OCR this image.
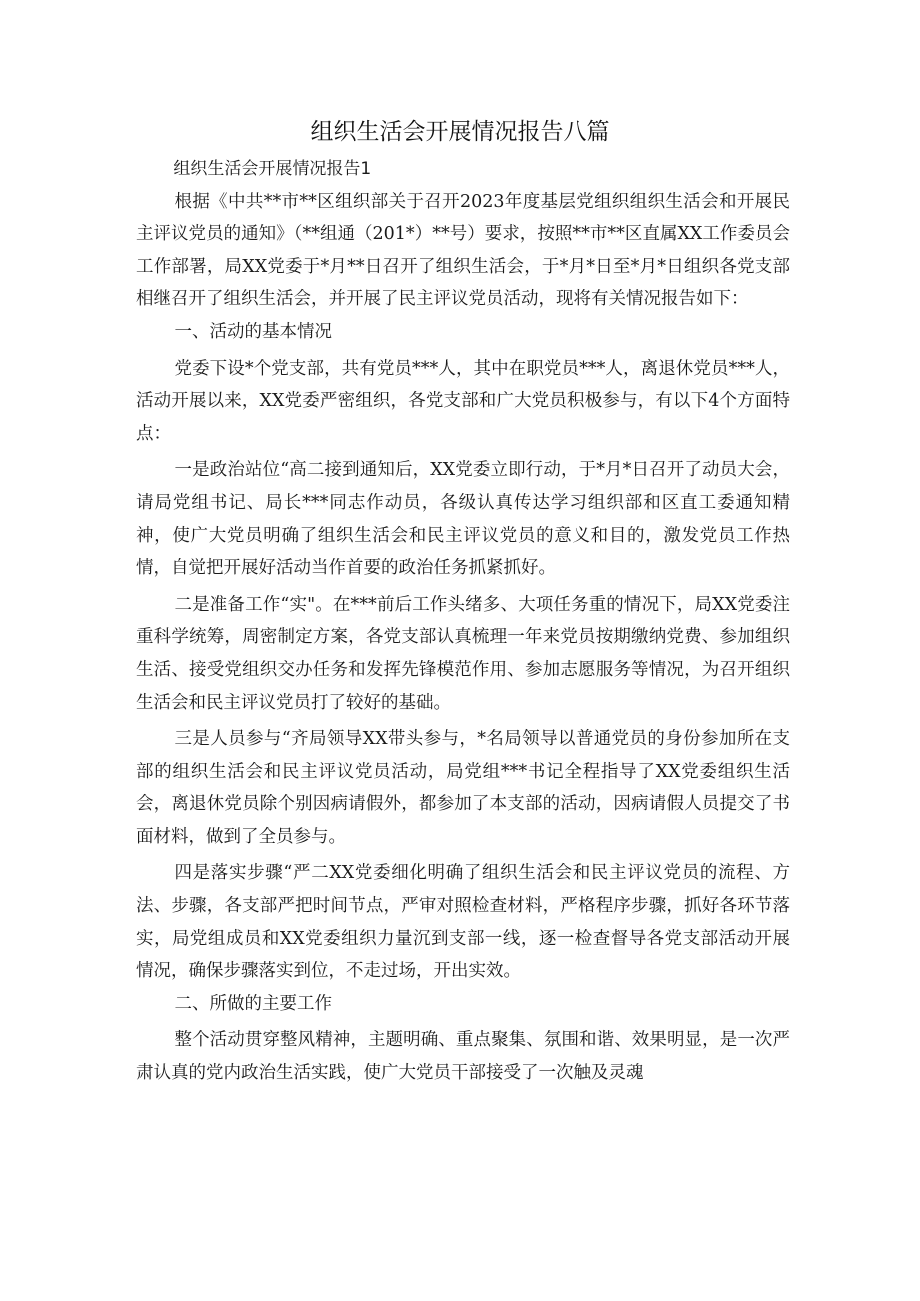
组织生活会开展情况报告八篇

组织生活会开展情况报告1

根据《中共**市**区组织部关于召开2023年度基层党组织组织生活会和开展民主评议党员的通知》（**组通（201*）**号）要求，按照**市**区直属XX工作委员会工作部署，局XX党委于*月**日召开了组织生活会，于*月*日至*月*日组织各党支部相继召开了组织生活会，并开展了民主评议党员活动，现将有关情况报告如下：

一、活动的基本情况

党委下设*个党支部，共有党员***人，其中在职党员***人，离退休党员***人，活动开展以来，XX党委严密组织，各党支部和广大党员积极参与，有以下4个方面特点：

一是政治站位“高二接到通知后，XX党委立即行动，于*月*日召开了动员大会，请局党组书记、局长***同志作动员，各级认真传达学习组织部和区直工委通知精神，使广大党员明确了组织生活会和民主评议党员的意义和目的，激发党员工作热情，自觉把开展好活动当作首要的政治任务抓紧抓好。

二是准备工作“实"。在***前后工作头绪多、大项任务重的情况下，局XX党委注重科学统筹，周密制定方案，各党支部认真梳理一年来党员按期缴纳党费、参加组织生活、接受党组织交办任务和发挥先锋模范作用、参加志愿服务等情况，为召开组织生活会和民主评议党员打了较好的基础。

三是人员参与“齐局领导XX带头参与，*名局领导以普通党员的身份参加所在支部的组织生活会和民主评议党员活动，局党组***书记全程指导了XX党委组织生活会，离退休党员除个别因病请假外，都参加了本支部的活动，因病请假人员提交了书面材料，做到了全员参与。

四是落实步骤“严二XX党委细化明确了组织生活会和民主评议党员的流程、方法、步骤，各支部严把时间节点，严审对照检查材料，严格程序步骤，抓好各环节落实，局党组成员和XX党委组织力量沉到支部一线，逐一检查督导各党支部活动开展情况，确保步骤落实到位，不走过场，开出实效。

二、所做的主要工作

整个活动贯穿整风精神，主题明确、重点聚集、氛围和谐、效果明显，是一次严肃认真的党内政治生活实践，使广大党员干部接受了一次触及灵魂
